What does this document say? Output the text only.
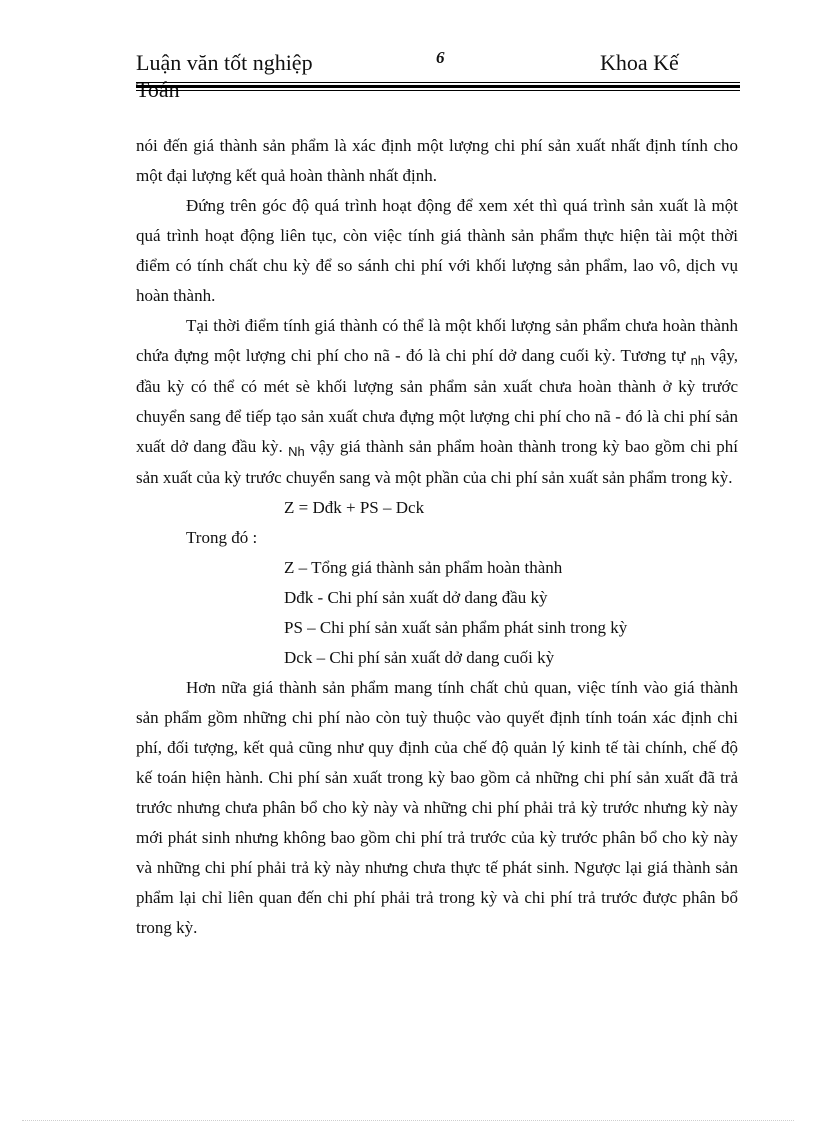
Luận văn tốt nghiệp	6	Khoa Kế
Toán

nói đến giá thành sản phẩm là xác định một lượng chi phí sản xuất nhất định tính cho một đại lượng kết quả hoàn thành nhất định.

Đứng trên góc độ quá trình hoạt động để xem xét thì quá trình sản xuất là một quá trình hoạt động liên tục, còn việc tính giá thành sản phẩm thực hiện tài một thời điểm có tính chất chu kỳ để so sánh chi phí với khối lượng sản phẩm, lao vô, dịch vụ hoàn thành.

Tại thời điểm tính giá thành có thể là một khối lượng sản phẩm chưa hoàn thành chứa đựng một lượng chi phí cho nã - đó là chi phí dở dang cuối kỳ. Tương tự $_{nh}$ vậy, đầu kỳ có thể có mét sè khối lượng sản phẩm sản xuất chưa hoàn thành ở kỳ trước chuyển sang để tiếp tạo sản xuất chưa đựng một lượng chi phí cho nã - đó là chi phí sản xuất dở dang đầu kỳ. $_{Nh}$ vậy giá thành sản phẩm hoàn thành trong kỳ bao gồm chi phí sản xuất của kỳ trước chuyển sang và một phần của chi phí sản xuất sản phẩm trong kỳ.

Z = Dđk + PS – Dck

Trong đó :

Z – Tổng giá thành sản phẩm hoàn thành

Dđk - Chi phí sản xuất dở dang đầu kỳ

PS – Chi phí sản xuất sản phẩm phát sinh trong kỳ

Dck – Chi phí sản xuất dở dang cuối kỳ

Hơn nữa giá thành sản phẩm mang tính chất chủ quan, việc tính vào giá thành sản phẩm gồm những chi phí nào còn tuỳ thuộc vào quyết định tính toán xác định chi phí, đối tượng, kết quả cũng như quy định của chế độ quản lý kinh tế tài chính, chế độ kế toán hiện hành. Chi phí sản xuất trong kỳ bao gồm cả những chi phí sản xuất đã trả trước nhưng chưa phân bổ cho kỳ này và những chi phí phải trả kỳ trước nhưng kỳ này mới phát sinh nhưng không bao gồm chi phí trả trước của kỳ trước phân bổ cho kỳ này và những chi phí phải trả kỳ này nhưng chưa thực tế phát sinh. Ngược lại giá thành sản phẩm lại chỉ liên quan đến chi phí phải trả trong kỳ và chi phí trả trước được phân bổ trong kỳ.
